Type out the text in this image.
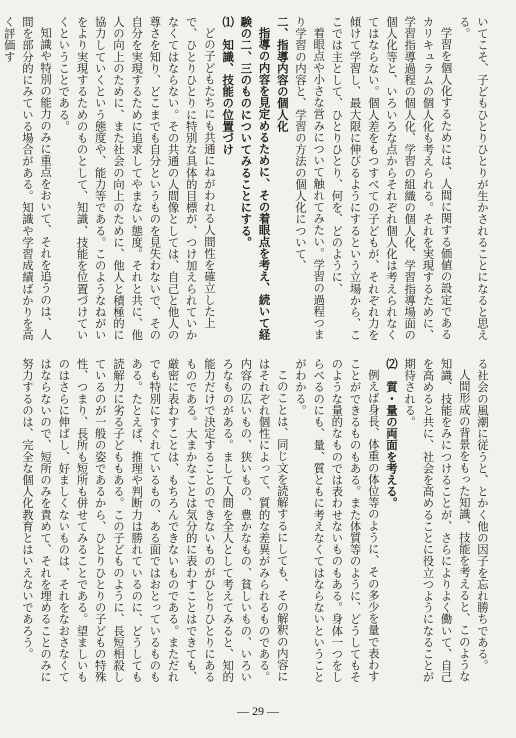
いてこそ、子どもひとりひとりが生かされることになると思える。

学習を個人化するためには、人間に関する価値の設定であるカリキュラムの個人化も考えられる。それを実現するために、学習指導過程の個人化、学習の組織の個人化、学習指導場面の個人化等と、いろいろな点からそれぞれ個人化は考えられなくてはならない。個人差をもつすべての子どもが、それぞれ力を傾けて学習し、最大限に伸びるようにするという立場から、ここでは主として、ひとりひとり、何を、どのように、

着眼点や小さな営みについて触れてみたい。学習の過程つまり学習の内容と、学習の方法の個人化について、

二、指導内容の個人化

指導の内容を見定めるために、その着眼点を考え、続いて経験の二、三のものについてみることにする。

⑴　知識、技能の位置づけ

どの子どもたちにも共通にねがわれる人間性を確立した上で、ひとりひとりに特別な具体的目標が、つけ加えられていかなくてはならない。その共通の人間像としては、自己と他人の尊さを知り、どこまでも自分というものを見失わないで、その自分を実現するために追求してやまない態度。それと共に、他人の向上のために、また社会の向上のために、他人と積極的に協力していくという態度や、能力等である。このようなねがいをより実現するためのものとして、知識、技能を位置づけていくということである。

知識や特別の能力のみに重点をおいて、それを追うのは、人間を部分的にみている場合がある。知識や学習成績ばかりを高く評価す

る社会の風潮に従うと、とかく他の因子を忘れ勝ちである。

人間形成の背景をもった知識、技能を考えると、このような知識、技能をみにつけることが、さらによりよく働いて、自己を高めると共に、社会を高めることに役立つようになることが期待される。

⑵　質・量の両面を考える。

例えば身長、体重の体位等のように、その多少を量で表わすことができるものもある。また体質等のように、どうしてもそのような量的なものでは表わせないものもある。身体一つをしらべるのにも、量、質ともに考えなくてはならないということがわかる。

このことは、同じ文を読解するにしても、その解釈の内容にはそれぞれ個性によって、質的な差異がみられるものである。内容の広いもの、狭いもの、豊かなもの、貧しいもの、いろいろなものがある。まして人間を全人として考えてみると、知的能力だけで決定することのできないものがひとりひとりにあるものである。大まかなことは気分的に表わすことはできても、厳密に表わすことは、もちろんできないものである。まただれでも特別にすぐれているもの、ある面ではおとっているものもある。たとえば、推理や判断力は勝れているのに、どうしても読解力に劣る子どももある。この子どものように、長短相殺しているのが一般の姿であるから、ひとりひとりの子どもの特殊性、つまり、長所も短所も併せてみることである。望ましいものはさらに伸ばし、好ましくないものは、それをなおさなくてはならないので、短所のみを責めて、それを埋めることのみに努力するのは、完全な個人化教育とはいえないであろう。

— 29 —
